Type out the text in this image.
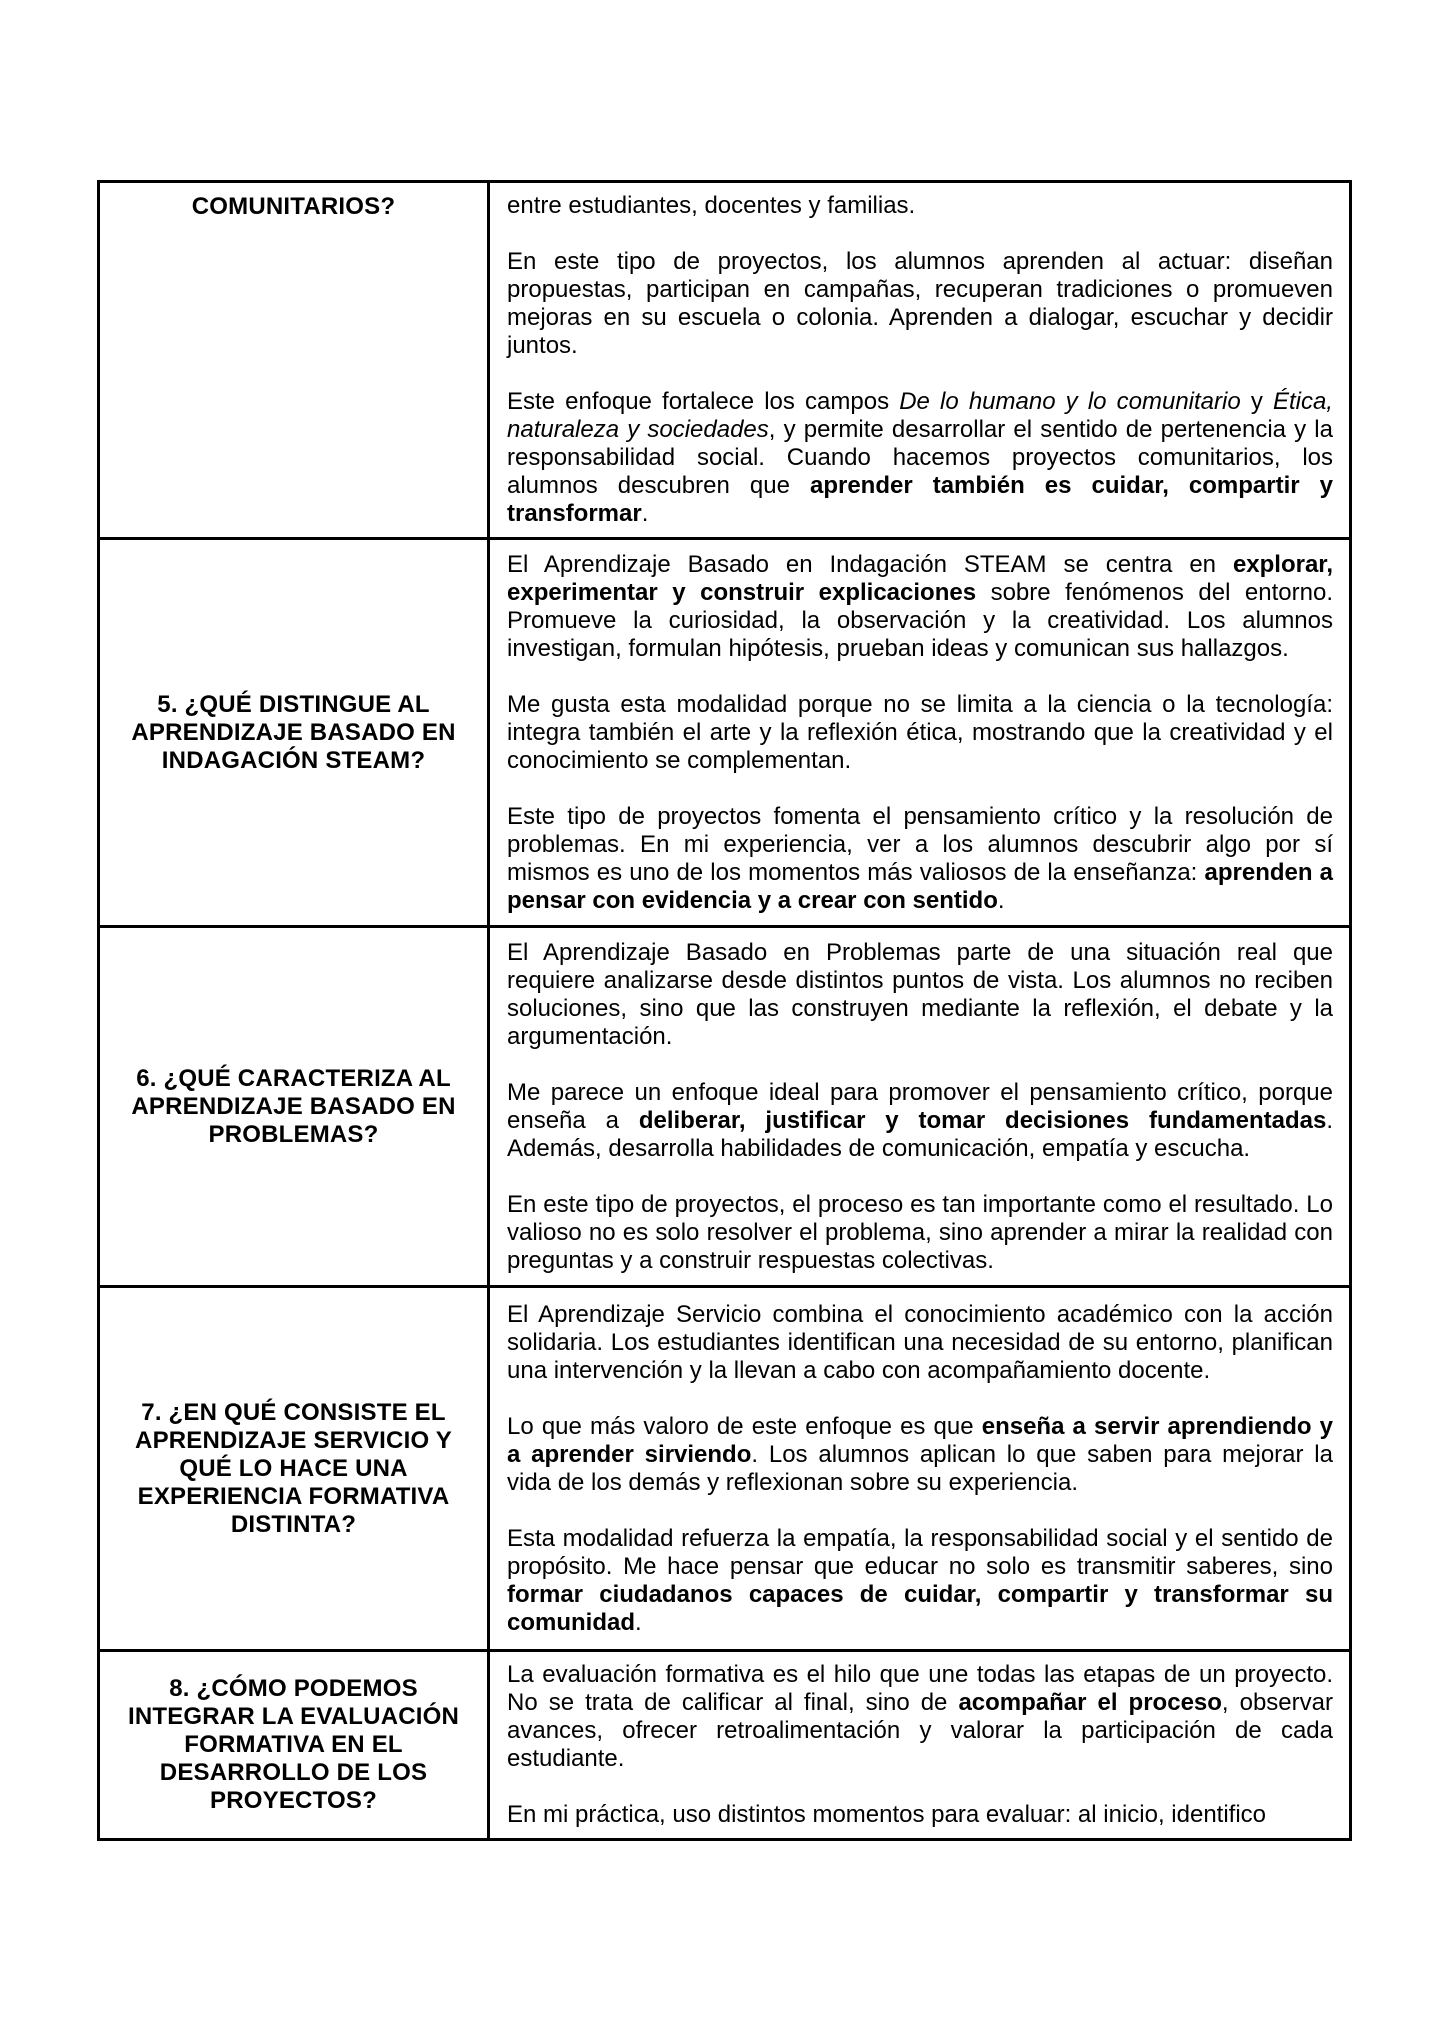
COMUNITARIOS?	entre estudiantes, docentes y familias.

En este tipo de proyectos, los alumnos aprenden al actuar: diseñan propuestas, participan en campañas, recuperan tradiciones o promueven mejoras en su escuela o colonia. Aprenden a dialogar, escuchar y decidir juntos.

Este enfoque fortalece los campos De lo humano y lo comunitario y Ética, naturaleza y sociedades, y permite desarrollar el sentido de pertenencia y la responsabilidad social. Cuando hacemos proyectos comunitarios, los alumnos descubren que aprender también es cuidar, compartir y transformar.

5. ¿QUÉ DISTINGUE AL APRENDIZAJE BASADO EN INDAGACIÓN STEAM?	El Aprendizaje Basado en Indagación STEAM se centra en explorar, experimentar y construir explicaciones sobre fenómenos del entorno. Promueve la curiosidad, la observación y la creatividad. Los alumnos investigan, formulan hipótesis, prueban ideas y comunican sus hallazgos.

Me gusta esta modalidad porque no se limita a la ciencia o la tecnología: integra también el arte y la reflexión ética, mostrando que la creatividad y el conocimiento se complementan.

Este tipo de proyectos fomenta el pensamiento crítico y la resolución de problemas. En mi experiencia, ver a los alumnos descubrir algo por sí mismos es uno de los momentos más valiosos de la enseñanza: aprenden a pensar con evidencia y a crear con sentido.

6. ¿QUÉ CARACTERIZA AL APRENDIZAJE BASADO EN PROBLEMAS?	El Aprendizaje Basado en Problemas parte de una situación real que requiere analizarse desde distintos puntos de vista. Los alumnos no reciben soluciones, sino que las construyen mediante la reflexión, el debate y la argumentación.

Me parece un enfoque ideal para promover el pensamiento crítico, porque enseña a deliberar, justificar y tomar decisiones fundamentadas. Además, desarrolla habilidades de comunicación, empatía y escucha.

En este tipo de proyectos, el proceso es tan importante como el resultado. Lo valioso no es solo resolver el problema, sino aprender a mirar la realidad con preguntas y a construir respuestas colectivas.

7. ¿EN QUÉ CONSISTE EL APRENDIZAJE SERVICIO Y QUÉ LO HACE UNA EXPERIENCIA FORMATIVA DISTINTA?	El Aprendizaje Servicio combina el conocimiento académico con la acción solidaria. Los estudiantes identifican una necesidad de su entorno, planifican una intervención y la llevan a cabo con acompañamiento docente.

Lo que más valoro de este enfoque es que enseña a servir aprendiendo y a aprender sirviendo. Los alumnos aplican lo que saben para mejorar la vida de los demás y reflexionan sobre su experiencia.

Esta modalidad refuerza la empatía, la responsabilidad social y el sentido de propósito. Me hace pensar que educar no solo es transmitir saberes, sino formar ciudadanos capaces de cuidar, compartir y transformar su comunidad.

8. ¿CÓMO PODEMOS INTEGRAR LA EVALUACIÓN FORMATIVA EN EL DESARROLLO DE LOS PROYECTOS?	La evaluación formativa es el hilo que une todas las etapas de un proyecto. No se trata de calificar al final, sino de acompañar el proceso, observar avances, ofrecer retroalimentación y valorar la participación de cada estudiante.

En mi práctica, uso distintos momentos para evaluar: al inicio, identifico
